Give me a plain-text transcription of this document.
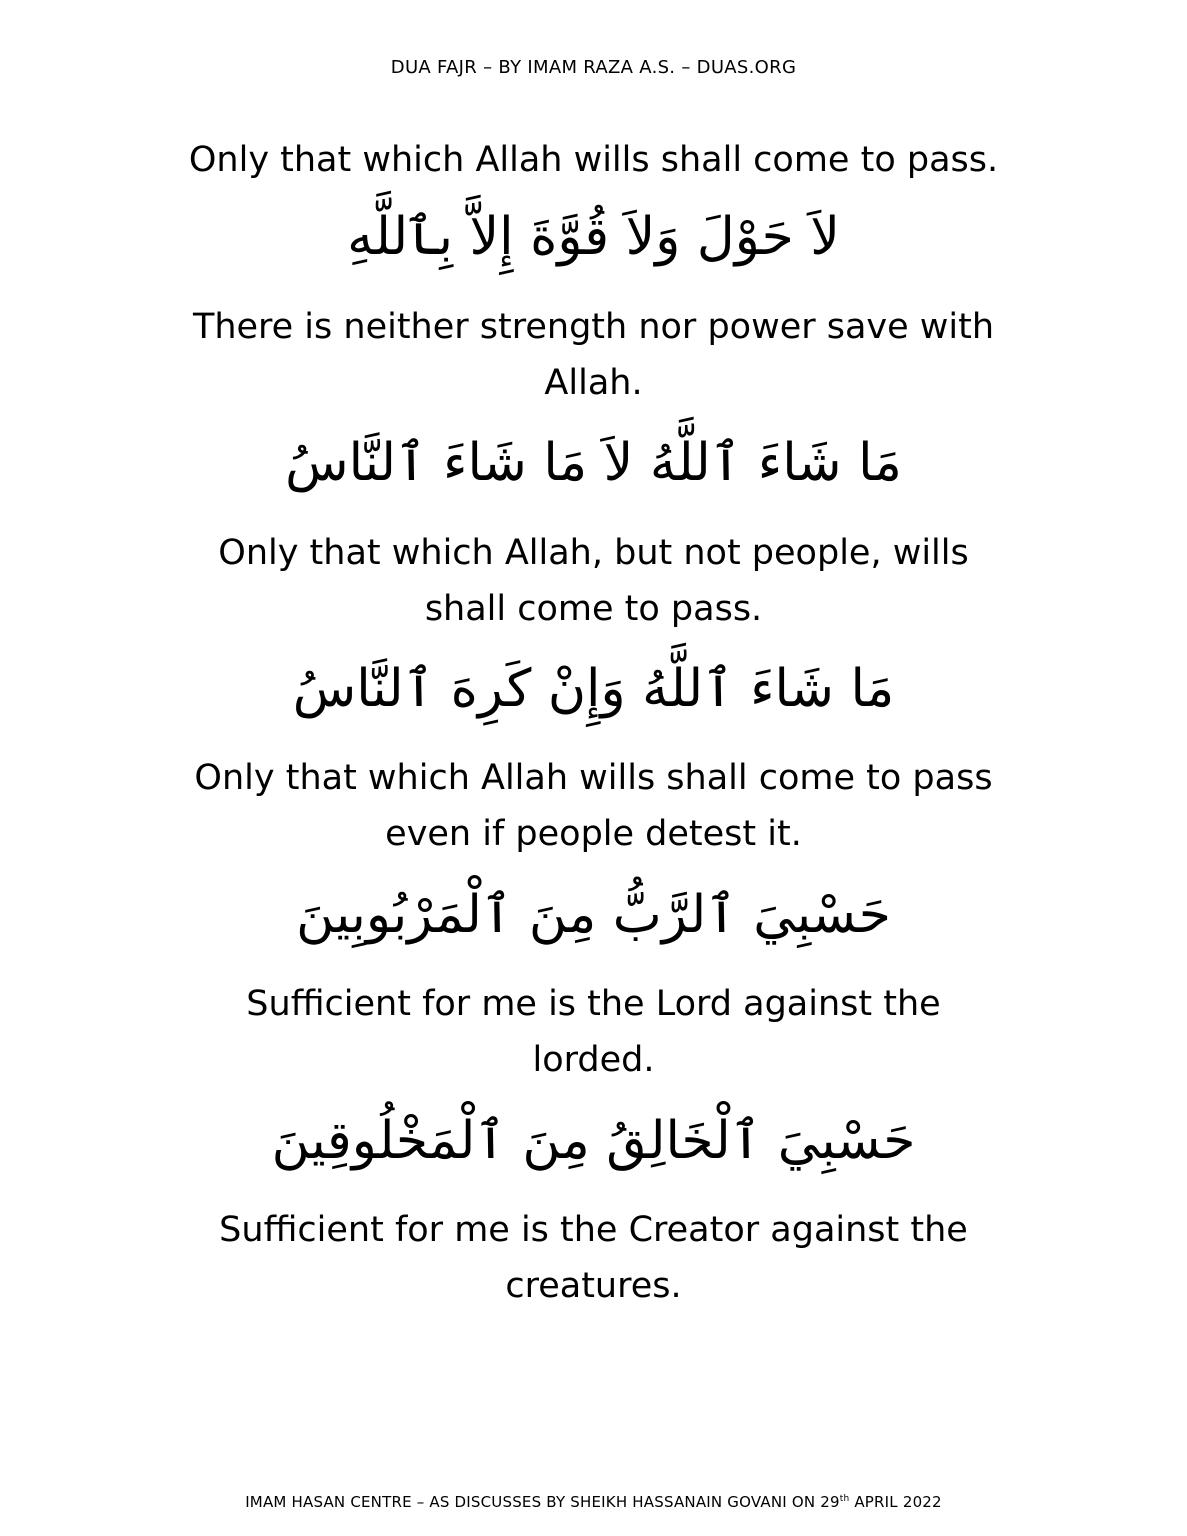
DUA FAJR – BY IMAM RAZA A.S. – DUAS.ORG
Only that which Allah wills shall come to pass.
لاَ حَوْلَ وَلاَ قُوَّةَ إِلاَّ بِٱللَّهِ
There is neither strength nor power save with
Allah.
مَا شَاءَ ٱللَّهُ لاَ مَا شَاءَ ٱلنَّاسُ
Only that which Allah, but not people, wills
shall come to pass.
مَا شَاءَ ٱللَّهُ وَإِنْ كَرِهَ ٱلنَّاسُ
Only that which Allah wills shall come to pass
even if people detest it.
حَسْبِيَ ٱلرَّبُّ مِنَ ٱلْمَرْبُوبِينَ
Sufficient for me is the Lord against the
lorded.
حَسْبِيَ ٱلْخَالِقُ مِنَ ٱلْمَخْلُوقِينَ
Sufficient for me is the Creator against the
creatures.
IMAM HASAN CENTRE – AS DISCUSSES BY SHEIKH HASSANAIN GOVANI ON 29th APRIL 2022
